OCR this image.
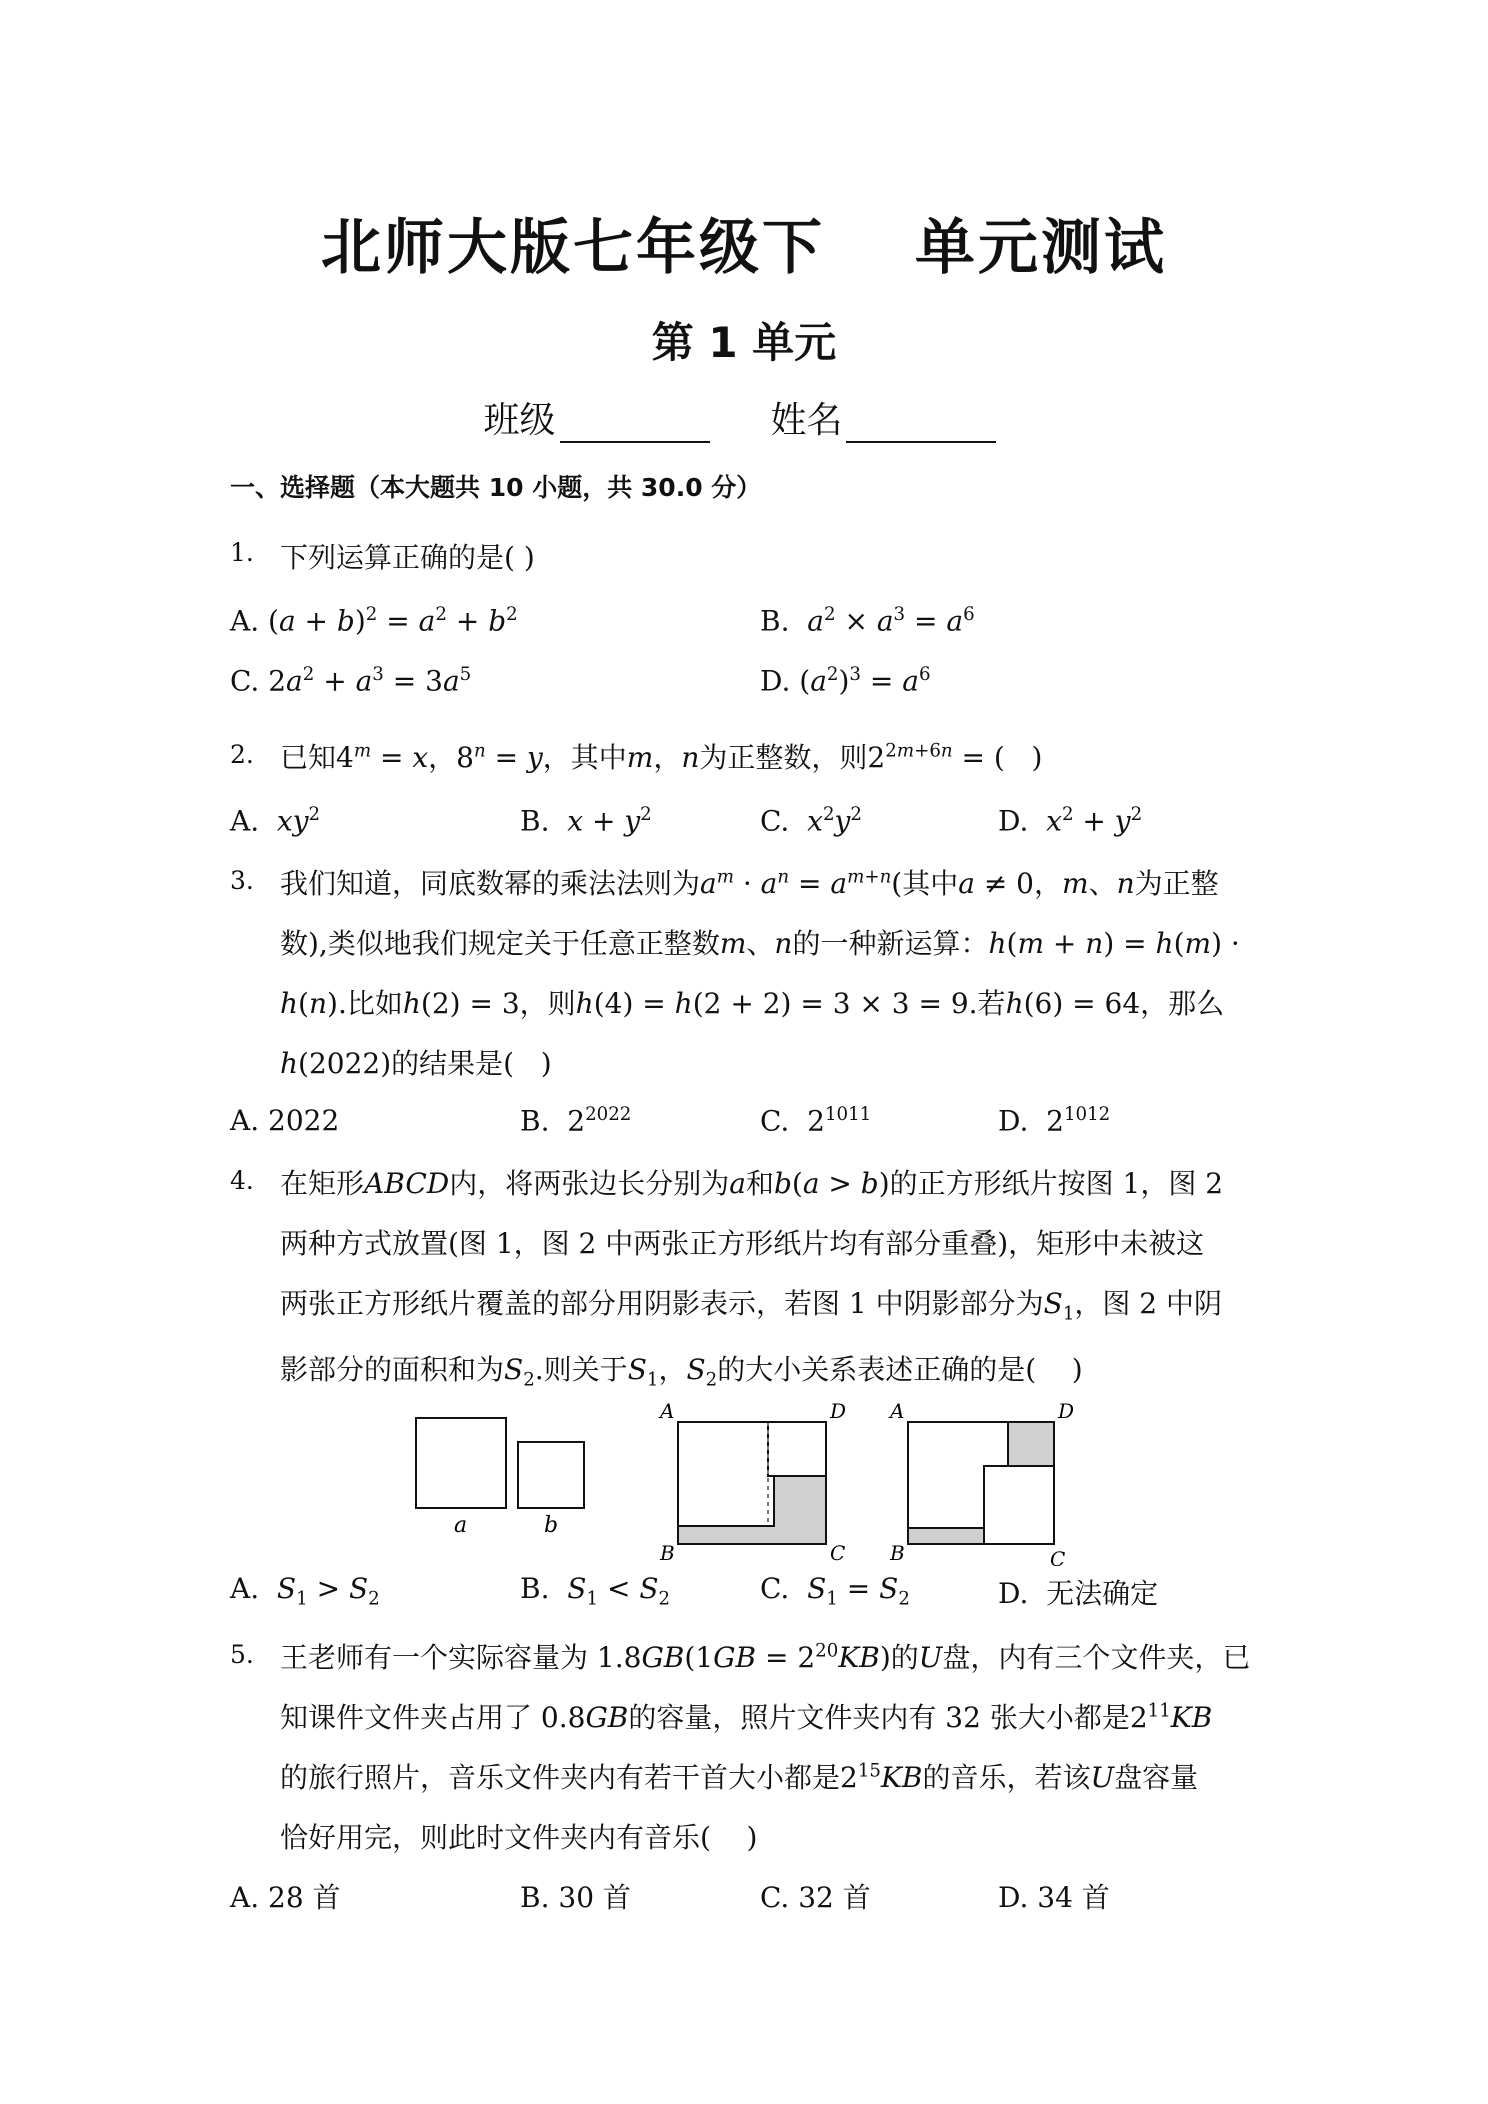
北师大版七年级下 单元测试
第 1 单元
班级	姓名
一、选择题（本大题共 10 小题，共 30.0 分）
1. 下列运算正确的是( )
A. $(a + b)^2 = a^2 + b^2$	B.  $a^2 \times a^3 = a^6$
C. $2a^2 + a^3 = 3a^5$	D. $(a^2)^3 = a^6$
2. 已知$4^m = x$，$8^n = y$，其中m，n为正整数，则$2^{2m+6n}$ = (   )
A.  $xy^2$	B.  $x + y^2$	C.  $x^2y^2$	D.  $x^2 + y^2$
3. 我们知道，同底数幂的乘法法则为$a^m \cdot a^n = a^{m+n}$(其中a ≠ 0，m、n为正整
数),类似地我们规定关于任意正整数m、n的一种新运算：h(m + n) = h(m) ·
h(n).比如h(2) = 3，则h(4) = h(2 + 2) = 3 × 3 = 9.若h(6) = 64，那么
h(2022)的结果是(   )
A. 2022	B.  $2^{2022}$	C.  $2^{1011}$	D.  $2^{1012}$
4. 在矩形ABCD内，将两张边长分别为a和b(a > b)的正方形纸片按图 1，图 2
两种方式放置(图 1，图 2 中两张正方形纸片均有部分重叠)，矩形中未被这
两张正方形纸片覆盖的部分用阴影表示，若图 1 中阴影部分为$S_1$，图 2 中阴
影部分的面积和为$S_2$.则关于$S_1$，$S_2$的大小关系表述正确的是(    )
a	b
A	D
B	C
A	D
B	C
A.  $S_1 > S_2$	B.  $S_1 < S_2$	C.  $S_1 = S_2$	D.  无法确定
5. 王老师有一个实际容量为 $1.8GB(1GB = 2^{20}KB)$的U盘，内有三个文件夹，已
知课件文件夹占用了 0.8GB的容量，照片文件夹内有 32 张大小都是$2^{11}KB$
的旅行照片，音乐文件夹内有若干首大小都是$2^{15}KB$的音乐，若该U盘容量
恰好用完，则此时文件夹内有音乐(    )
A. 28 首	B. 30 首	C. 32 首	D. 34 首
